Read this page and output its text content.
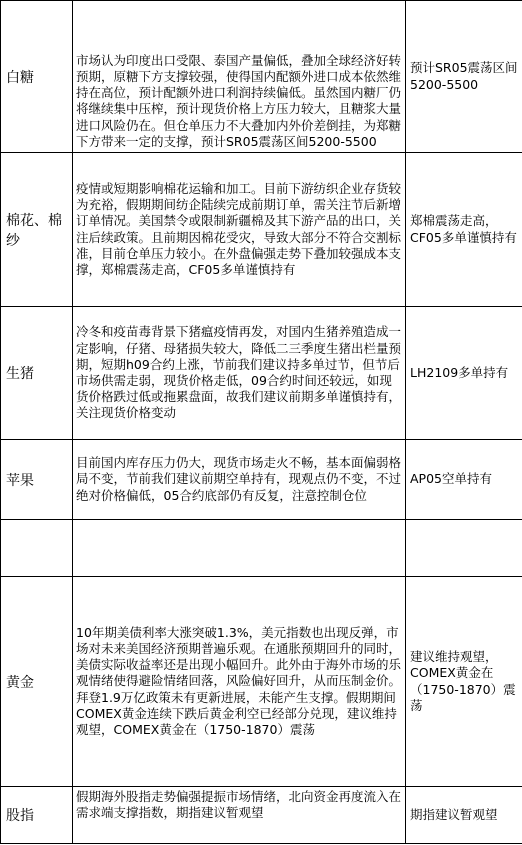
白糖	市场认为印度出口受限、泰国产量偏低，叠加全球经济好转预期，原糖下方支撑较强，使得国内配额外进口成本依然维持在高位，预计配额外进口利润持续偏低。虽然国内糖厂仍将继续集中压榨，预计现货价格上方压力较大，且糖浆大量进口风险仍在。但仓单压力不大叠加内外价差倒挂，为郑糖下方带来一定的支撑，预计SR05震荡区间5200-5500	预计SR05震荡区间5200-5500
棉花、棉纱	疫情或短期影响棉花运输和加工。目前下游纺织企业存货较为充裕，假期期间纺企陆续完成前期订单，需关注节后新增订单情况。美国禁令或限制新疆棉及其下游产品的出口，关注后续政策。且前期因棉花受灾，导致大部分不符合交割标准，目前仓单压力较小。在外盘偏强走势下叠加较强成本支撑，郑棉震荡走高，CF05多单谨慎持有	郑棉震荡走高，CF05多单谨慎持有
生猪	冷冬和疫苗毒背景下猪瘟疫情再发，对国内生猪养殖造成一定影响，仔猪、母猪损失较大，降低二三季度生猪出栏量预期，短期h09合约上涨，节前我们建议持多单过节，但节后市场供需走弱，现货价格走低，09合约时间还较远，如现货价格跌过低或拖累盘面，故我们建议前期多单谨慎持有，关注现货价格变动	LH2109多单持有
苹果	目前国内库存压力仍大，现货市场走火不畅，基本面偏弱格局不变，节前我们建议前期空单持有，现观点仍不变，不过绝对价格偏低，05合约底部仍有反复，注意控制仓位	AP05空单持有

黄金	10年期美债利率大涨突破1.3%，美元指数也出现反弹，市场对未来美国经济预期普遍乐观。在通胀预期回升的同时，美债实际收益率还是出现小幅回升。此外由于海外市场的乐观情绪使得避险情绪回落，风险偏好回升，从而压制金价。拜登1.9万亿政策未有更新进展，未能产生支撑。假期期间COMEX黄金连续下跌后黄金利空已经部分兑现，建议维持观望，COMEX黄金在（1750-1870）震荡	建议维持观望，COMEX黄金在（1750-1870）震荡
股指	假期海外股指走势偏强提振市场情绪，北向资金再度流入在需求端支撑指数，期指建议暂观望	期指建议暂观望
